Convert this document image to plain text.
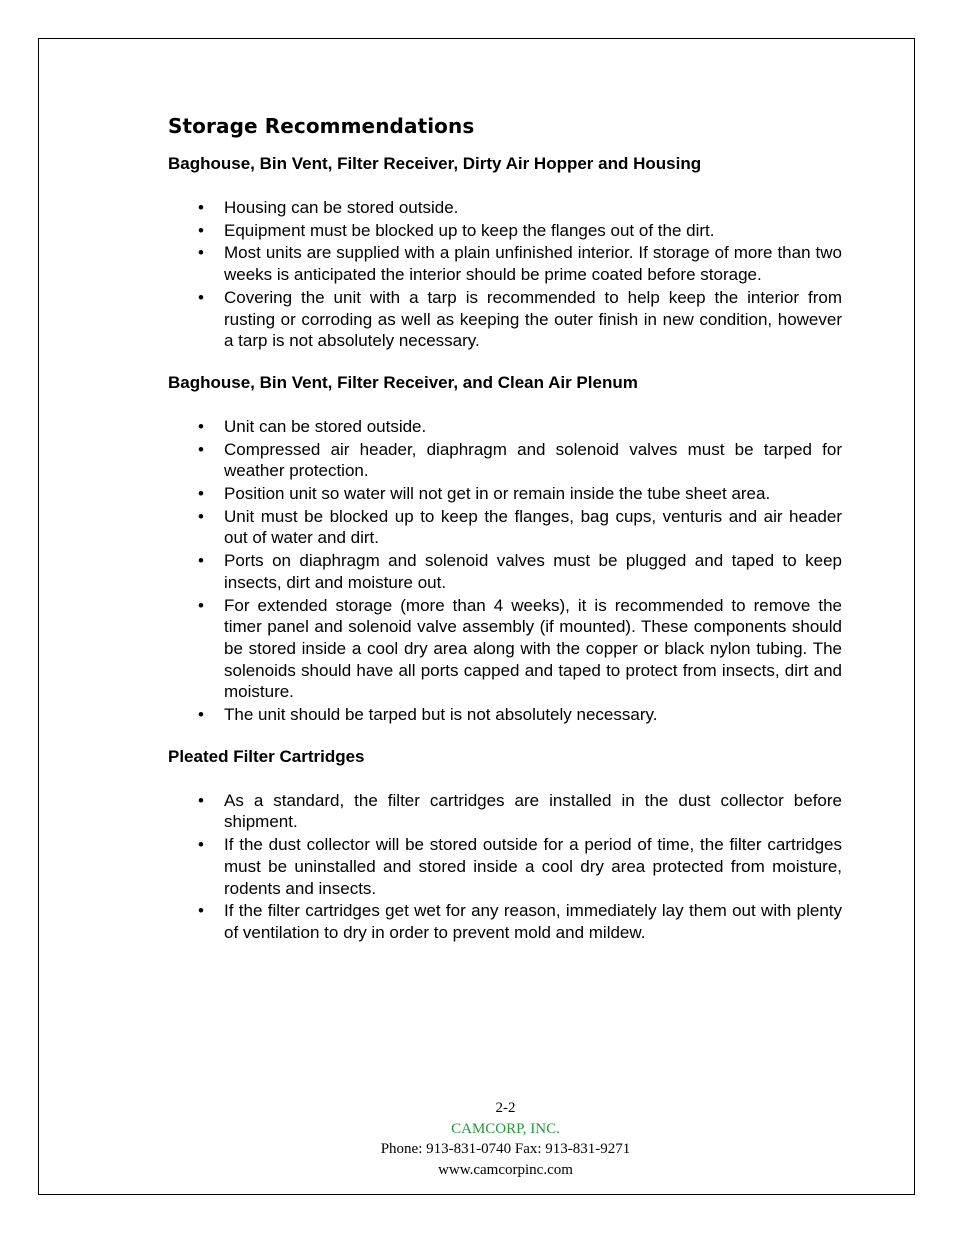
Storage Recommendations
Baghouse, Bin Vent, Filter Receiver, Dirty Air Hopper and Housing
• Housing can be stored outside.
• Equipment must be blocked up to keep the flanges out of the dirt.
• Most units are supplied with a plain unfinished interior. If storage of more than two weeks is anticipated the interior should be prime coated before storage.
• Covering the unit with a tarp is recommended to help keep the interior from rusting or corroding as well as keeping the outer finish in new condition, however a tarp is not absolutely necessary.
Baghouse, Bin Vent, Filter Receiver, and Clean Air Plenum
• Unit can be stored outside.
• Compressed air header, diaphragm and solenoid valves must be tarped for weather protection.
• Position unit so water will not get in or remain inside the tube sheet area.
• Unit must be blocked up to keep the flanges, bag cups, venturis and air header out of water and dirt.
• Ports on diaphragm and solenoid valves must be plugged and taped to keep insects, dirt and moisture out.
• For extended storage (more than 4 weeks), it is recommended to remove the timer panel and solenoid valve assembly (if mounted). These components should be stored inside a cool dry area along with the copper or black nylon tubing. The solenoids should have all ports capped and taped to protect from insects, dirt and moisture.
• The unit should be tarped but is not absolutely necessary.
Pleated Filter Cartridges
• As a standard, the filter cartridges are installed in the dust collector before shipment.
• If the dust collector will be stored outside for a period of time, the filter cartridges must be uninstalled and stored inside a cool dry area protected from moisture, rodents and insects.
• If the filter cartridges get wet for any reason, immediately lay them out with plenty of ventilation to dry in order to prevent mold and mildew.
2-2
CAMCORP, INC.
Phone: 913-831-0740 Fax: 913-831-9271
www.camcorpinc.com
